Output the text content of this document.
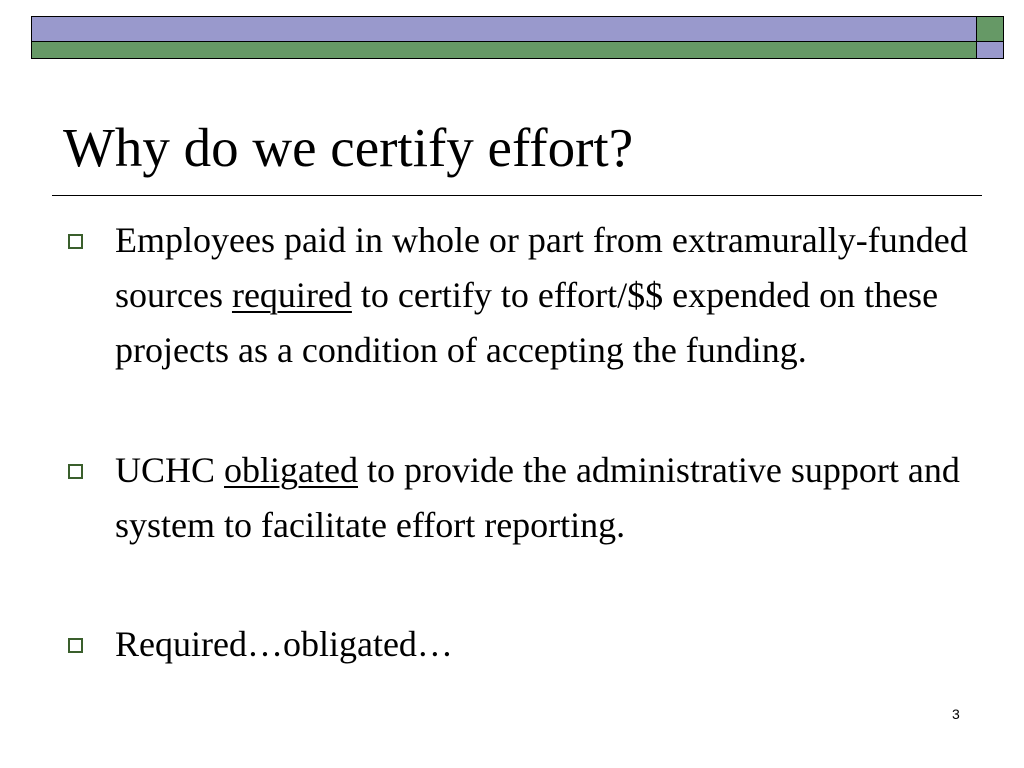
Why do we certify effort?
Employees paid in whole or part from extramurally-funded sources required to certify to effort/$$ expended on these projects as a condition of accepting the funding.
UCHC obligated to provide the administrative support and system to facilitate effort reporting.
Required…obligated…
3
